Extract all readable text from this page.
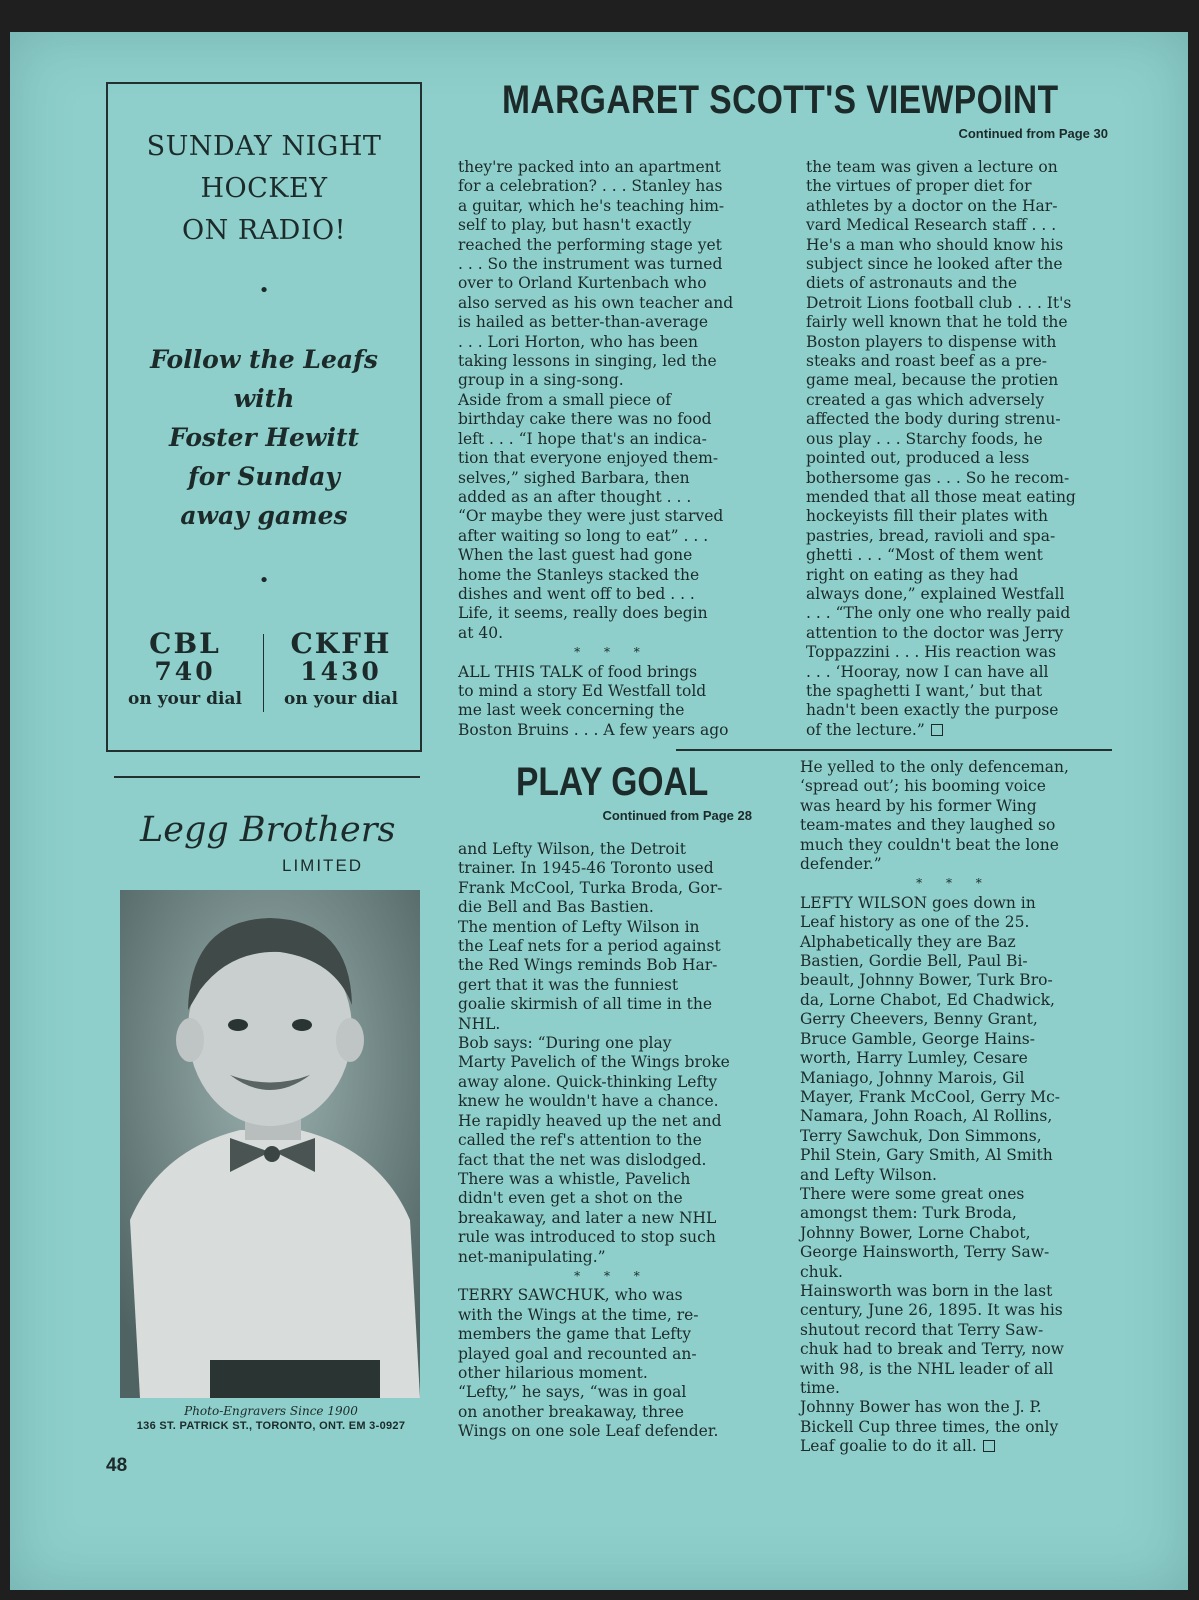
SUNDAY NIGHT
HOCKEY
ON RADIO!
•
Follow the Leafs
with
Foster Hewitt
for Sunday
away games
•
CBL
740
on your dial
CKFH
1430
on your dial
Legg Brothers
LIMITED
Photo-Engravers Since 1900
136 ST. PATRICK ST., TORONTO, ONT. EM 3-0927
48
MARGARET SCOTT'S VIEWPOINT
Continued from Page 30
they're packed into an apartment
for a celebration? . . . Stanley has
a guitar, which he's teaching him-
self to play, but hasn't exactly
reached the performing stage yet
. . . So the instrument was turned
over to Orland Kurtenbach who
also served as his own teacher and
is hailed as better-than-average
. . . Lori Horton, who has been
taking lessons in singing, led the
group in a sing-song.
Aside from a small piece of
birthday cake there was no food
left . . . “I hope that's an indica-
tion that everyone enjoyed them-
selves,” sighed Barbara, then
added as an after thought . . .
“Or maybe they were just starved
after waiting so long to eat” . . .
When the last guest had gone
home the Stanleys stacked the
dishes and went off to bed . . .
Life, it seems, really does begin
at 40.
* * *
ALL THIS TALK of food brings
to mind a story Ed Westfall told
me last week concerning the
Boston Bruins . . . A few years ago
the team was given a lecture on
the virtues of proper diet for
athletes by a doctor on the Har-
vard Medical Research staff . . .
He's a man who should know his
subject since he looked after the
diets of astronauts and the
Detroit Lions football club . . . It's
fairly well known that he told the
Boston players to dispense with
steaks and roast beef as a pre-
game meal, because the protien
created a gas which adversely
affected the body during strenu-
ous play . . . Starchy foods, he
pointed out, produced a less
bothersome gas . . . So he recom-
mended that all those meat eating
hockeyists fill their plates with
pastries, bread, ravioli and spa-
ghetti . . . “Most of them went
right on eating as they had
always done,” explained Westfall
. . . “The only one who really paid
attention to the doctor was Jerry
Toppazzini . . . His reaction was
. . . ‘Hooray, now I can have all
the spaghetti I want,’ but that
hadn't been exactly the purpose
of the lecture.”
PLAY GOAL
Continued from Page 28
and Lefty Wilson, the Detroit
trainer. In 1945-46 Toronto used
Frank McCool, Turka Broda, Gor-
die Bell and Bas Bastien.
The mention of Lefty Wilson in
the Leaf nets for a period against
the Red Wings reminds Bob Har-
gert that it was the funniest
goalie skirmish of all time in the
NHL.
Bob says: “During one play
Marty Pavelich of the Wings broke
away alone. Quick-thinking Lefty
knew he wouldn't have a chance.
He rapidly heaved up the net and
called the ref's attention to the
fact that the net was dislodged.
There was a whistle, Pavelich
didn't even get a shot on the
breakaway, and later a new NHL
rule was introduced to stop such
net-manipulating.”
* * *
TERRY SAWCHUK, who was
with the Wings at the time, re-
members the game that Lefty
played goal and recounted an-
other hilarious moment.
“Lefty,” he says, “was in goal
on another breakaway, three
Wings on one sole Leaf defender.
He yelled to the only defenceman,
‘spread out’; his booming voice
was heard by his former Wing
team-mates and they laughed so
much they couldn't beat the lone
defender.”
* * *
LEFTY WILSON goes down in
Leaf history as one of the 25.
Alphabetically they are Baz
Bastien, Gordie Bell, Paul Bi-
beault, Johnny Bower, Turk Bro-
da, Lorne Chabot, Ed Chadwick,
Gerry Cheevers, Benny Grant,
Bruce Gamble, George Hains-
worth, Harry Lumley, Cesare
Maniago, Johnny Marois, Gil
Mayer, Frank McCool, Gerry Mc-
Namara, John Roach, Al Rollins,
Terry Sawchuk, Don Simmons,
Phil Stein, Gary Smith, Al Smith
and Lefty Wilson.
There were some great ones
amongst them: Turk Broda,
Johnny Bower, Lorne Chabot,
George Hainsworth, Terry Saw-
chuk.
Hainsworth was born in the last
century, June 26, 1895. It was his
shutout record that Terry Saw-
chuk had to break and Terry, now
with 98, is the NHL leader of all
time.
Johnny Bower has won the J. P.
Bickell Cup three times, the only
Leaf goalie to do it all.
